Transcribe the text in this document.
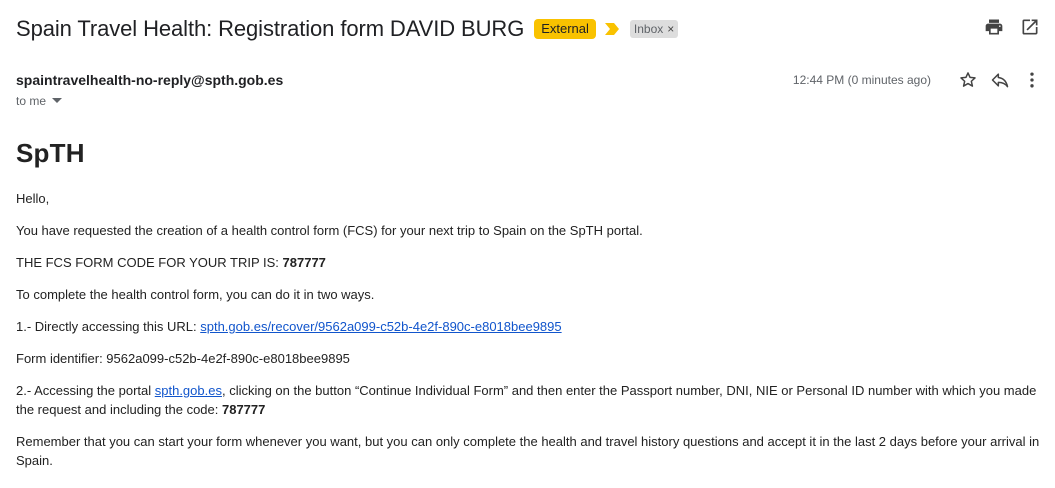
Spain Travel Health: Registration form DAVID BURG	External	Inbox ×
spaintravelhealth-no-reply@spth.gob.es
to me
12:44 PM (0 minutes ago)
SpTH

Hello,

You have requested the creation of a health control form (FCS) for your next trip to Spain on the SpTH portal.

THE FCS FORM CODE FOR YOUR TRIP IS: 787777

To complete the health control form, you can do it in two ways.

1.- Directly accessing this URL: spth.gob.es/recover/9562a099-c52b-4e2f-890c-e8018bee9895

Form identifier: 9562a099-c52b-4e2f-890c-e8018bee9895

2.- Accessing the portal spth.gob.es, clicking on the button “Continue Individual Form” and then enter the Passport number, DNI, NIE or Personal ID number with which you made the request and including the code: 787777

Remember that you can start your form whenever you want, but you can only complete the health and travel history questions and accept it in the last 2 days before your arrival in Spain.
